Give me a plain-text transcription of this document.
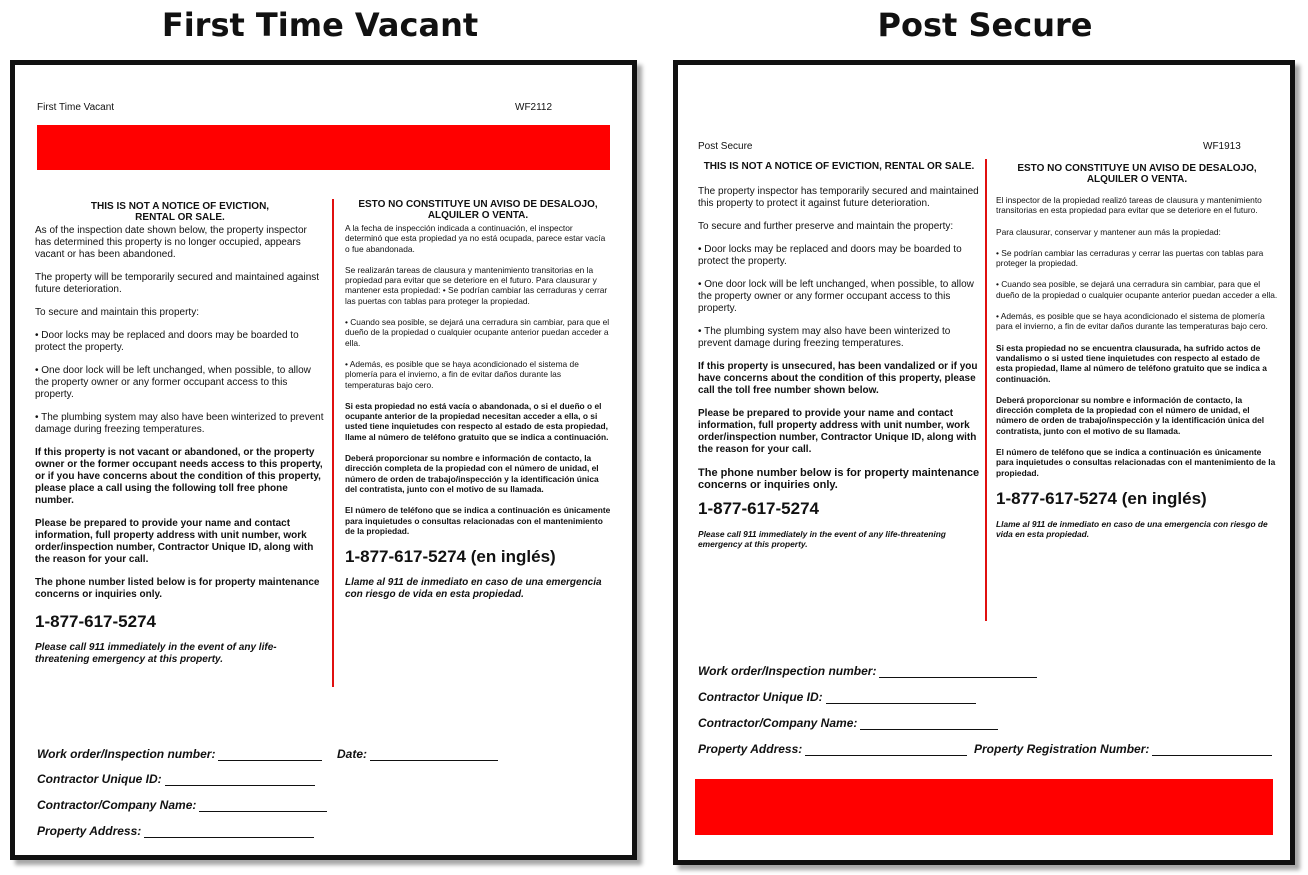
First Time Vacant	Post Secure
First Time Vacant	WF2112

THIS IS NOT A NOTICE OF EVICTION, RENTAL OR SALE.

As of the inspection date shown below, the property inspector has determined this property is no longer occupied, appears vacant or has been abandoned.

The property will be temporarily secured and maintained against future deterioration.

To secure and maintain this property:

• Door locks may be replaced and doors may be boarded to protect the property.

• One door lock will be left unchanged, when possible, to allow the property owner or any former occupant access to this property.

• The plumbing system may also have been winterized to prevent damage during freezing temperatures.

If this property is not vacant or abandoned, or the property owner or the former occupant needs access to this property, or if you have concerns about the condition of this property, please place a call using the following toll free phone number.

Please be prepared to provide your name and contact information, full property address with unit number, work order/inspection number, Contractor Unique ID, along with the reason for your call.

The phone number listed below is for property maintenance concerns or inquiries only.

1-877-617-5274
Please call 911 immediately in the event of any life-threatening emergency at this property.

ESTO NO CONSTITUYE UN AVISO DE DESALOJO, ALQUILER O VENTA.

A la fecha de inspección indicada a continuación, el inspector determinó que esta propiedad ya no está ocupada, parece estar vacía o fue abandonada.

Se realizarán tareas de clausura y mantenimiento transitorias en la propiedad para evitar que se deteriore en el futuro. Para clausurar y mantener esta propiedad: • Se podrían cambiar las cerraduras y cerrar las puertas con tablas para proteger la propiedad.

• Cuando sea posible, se dejará una cerradura sin cambiar, para que el dueño de la propiedad o cualquier ocupante anterior puedan acceder a ella.

• Además, es posible que se haya acondicionado el sistema de plomería para el invierno, a fin de evitar daños durante las temperaturas bajo cero.

Si esta propiedad no está vacía o abandonada, o si el dueño o el ocupante anterior de la propiedad necesitan acceder a ella, o si usted tiene inquietudes con respecto al estado de esta propiedad, llame al número de teléfono gratuito que se indica a continuación.

Deberá proporcionar su nombre e información de contacto, la dirección completa de la propiedad con el número de unidad, el número de orden de trabajo/inspección y la identificación única del contratista, junto con el motivo de su llamada.

El número de teléfono que se indica a continuación es únicamente para inquietudes o consultas relacionadas con el mantenimiento de la propiedad.

1-877-617-5274 (en inglés)
Llame al 911 de inmediato en caso de una emergencia con riesgo de vida en esta propiedad.
Work order/Inspection number:	Date:
Contractor Unique ID:
Contractor/Company Name:
Property Address:
Post Secure	WF1913

THIS IS NOT A NOTICE OF EVICTION, RENTAL OR SALE.

The property inspector has temporarily secured and maintained this property to protect it against future deterioration.

To secure and further preserve and maintain the property:

• Door locks may be replaced and doors may be boarded to protect the property.

• One door lock will be left unchanged, when possible, to allow the property owner or any former occupant access to this property.

• The plumbing system may also have been winterized to prevent damage during freezing temperatures.

If this property is unsecured, has been vandalized or if you have concerns about the condition of this property, please call the toll free number shown below.

Please be prepared to provide your name and contact information, full property address with unit number, work order/inspection number, Contractor Unique ID, along with the reason for your call.

The phone number below is for property maintenance concerns or inquiries only.

1-877-617-5274
Please call 911 immediately in the event of any life-threatening emergency at this property.

ESTO NO CONSTITUYE UN AVISO DE DESALOJO, ALQUILER O VENTA.

El inspector de la propiedad realizó tareas de clausura y mantenimiento transitorias en esta propiedad para evitar que se deteriore en el futuro.

Para clausurar, conservar y mantener aun más la propiedad:

• Se podrían cambiar las cerraduras y cerrar las puertas con tablas para proteger la propiedad.

• Cuando sea posible, se dejará una cerradura sin cambiar, para que el dueño de la propiedad o cualquier ocupante anterior puedan acceder a ella.

• Además, es posible que se haya acondicionado el sistema de plomería para el invierno, a fin de evitar daños durante las temperaturas bajo cero.

Si esta propiedad no se encuentra clausurada, ha sufrido actos de vandalismo o si usted tiene inquietudes con respecto al estado de esta propiedad, llame al número de teléfono gratuito que se indica a continuación.

Deberá proporcionar su nombre e información de contacto, la dirección completa de la propiedad con el número de unidad, el número de orden de trabajo/inspección y la identificación única del contratista, junto con el motivo de su llamada.

El número de teléfono que se indica a continuación es únicamente para inquietudes o consultas relacionadas con el mantenimiento de la propiedad.

1-877-617-5274 (en inglés)
Llame al 911 de inmediato en caso de una emergencia con riesgo de vida en esta propiedad.
Work order/Inspection number:
Contractor Unique ID:
Contractor/Company Name:
Property Address:	Property Registration Number:
